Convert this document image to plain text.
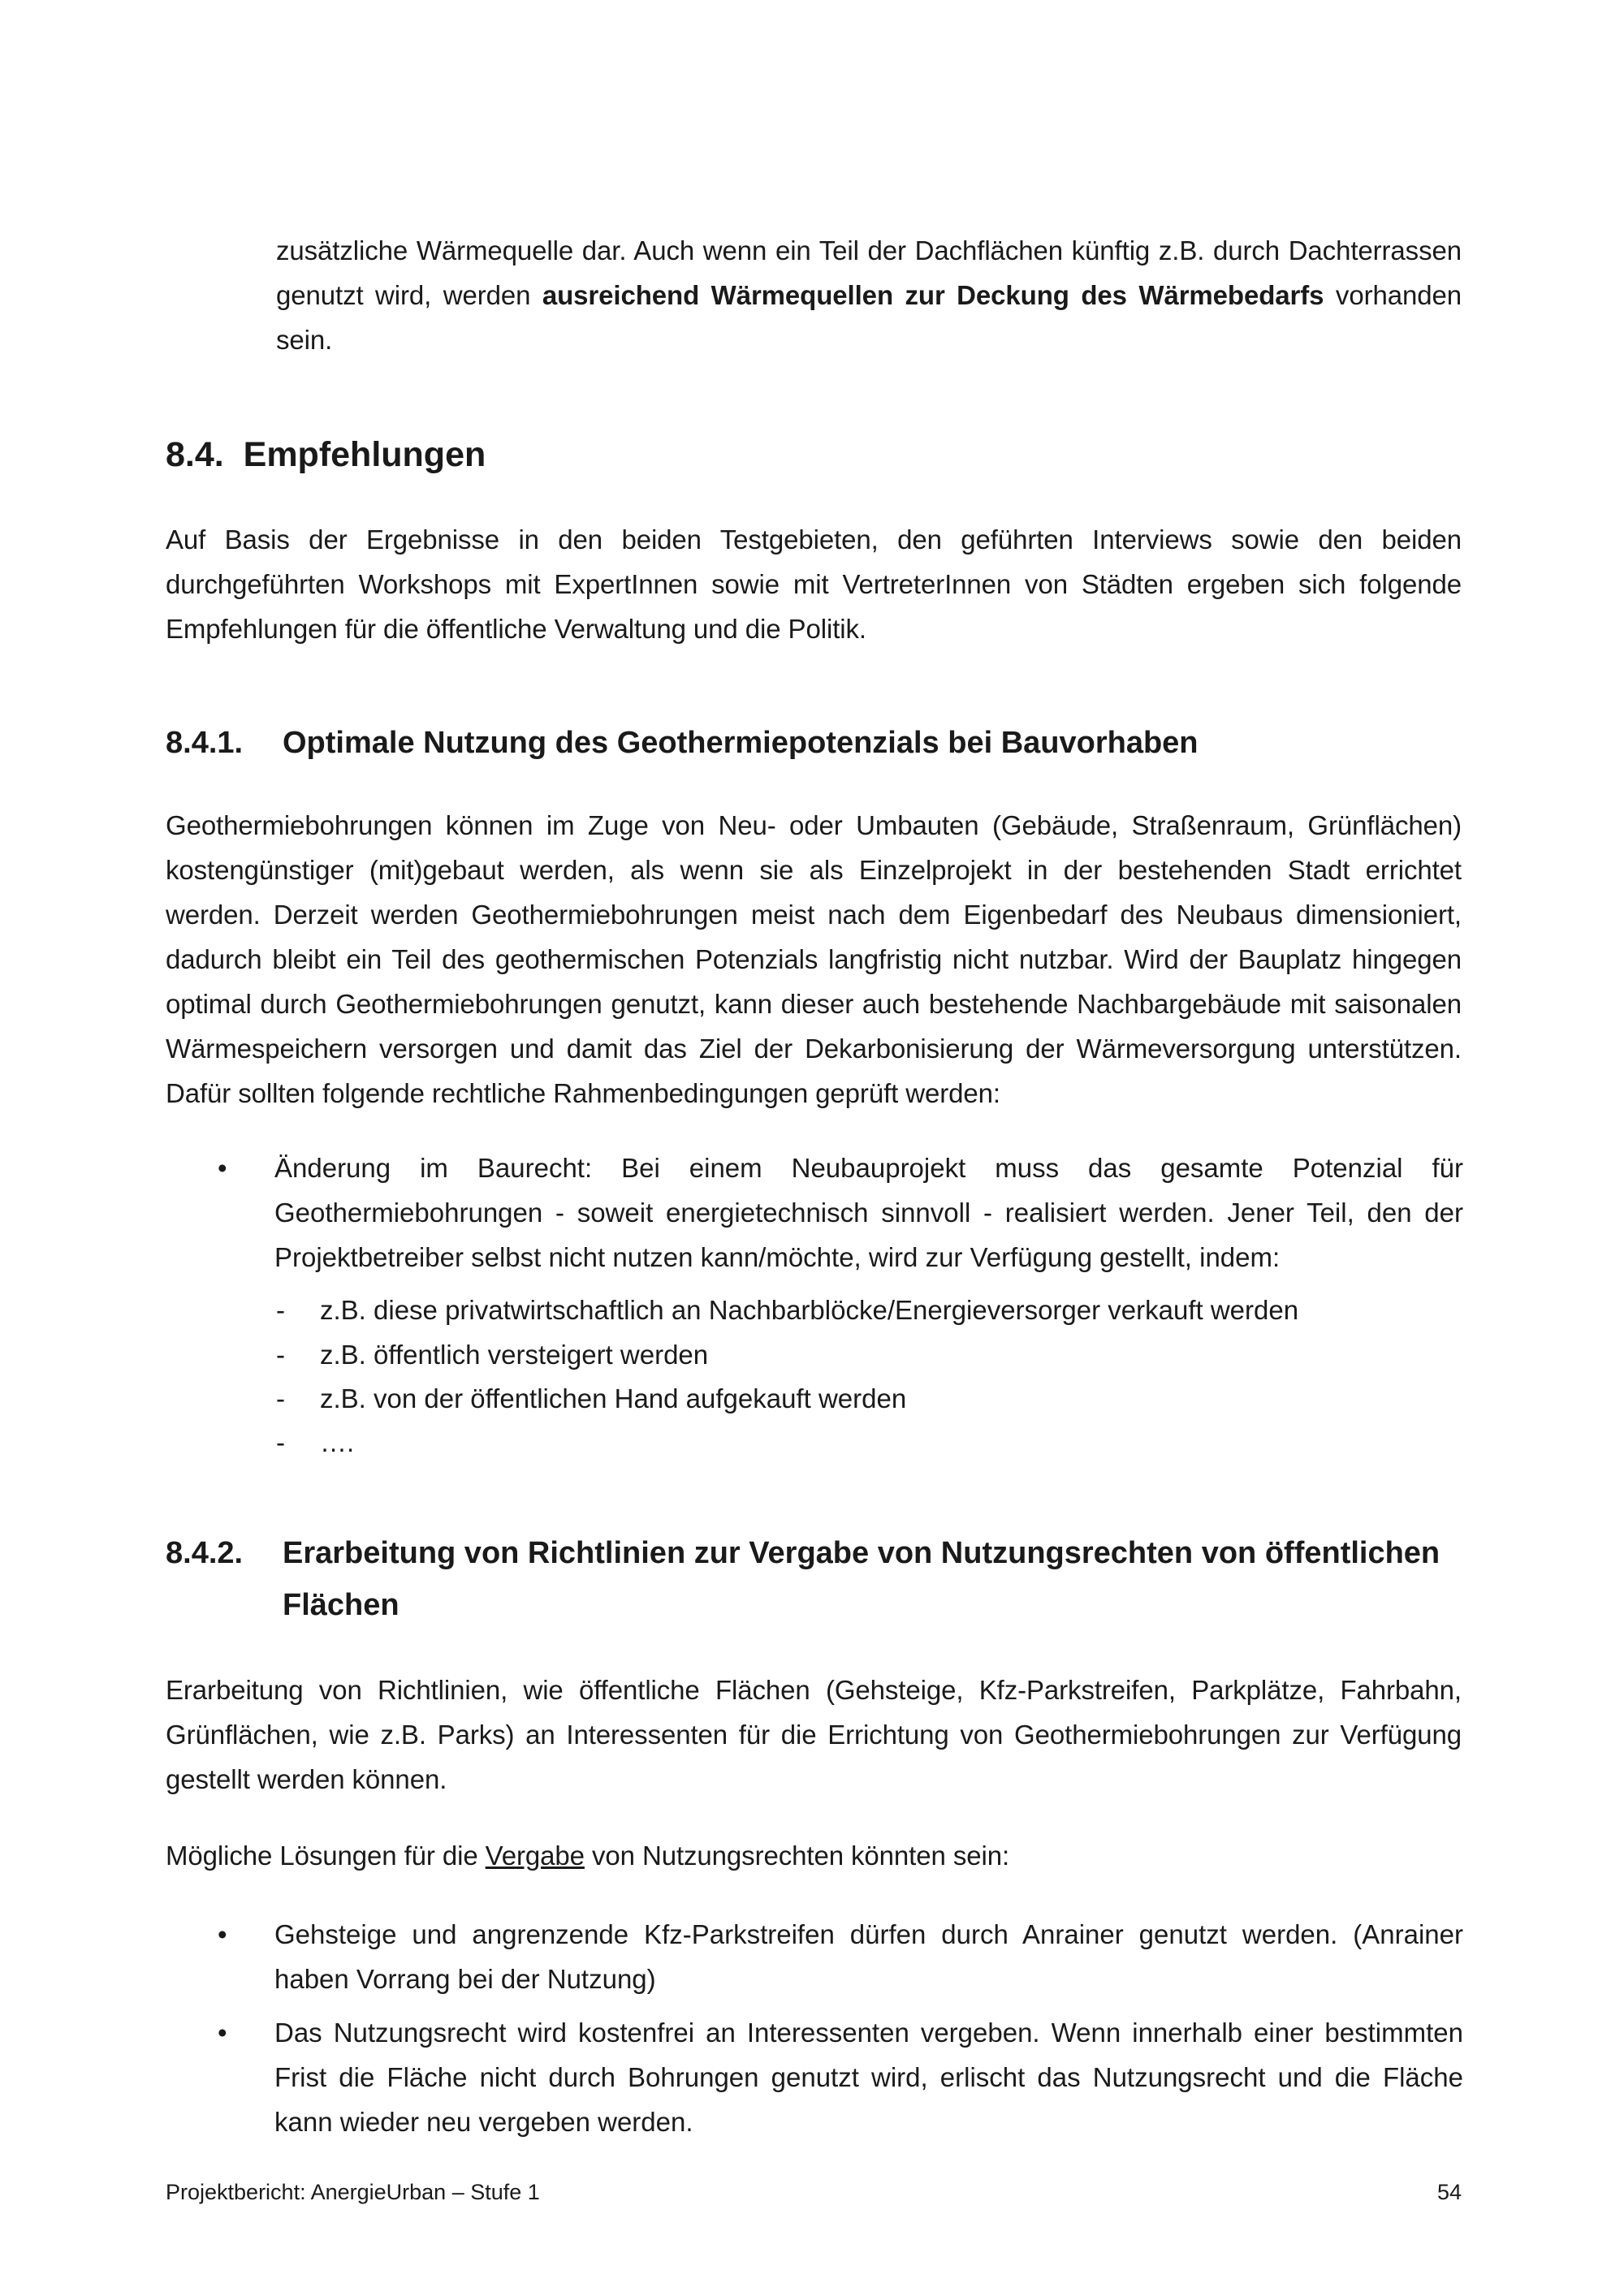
zusätzliche Wärmequelle dar. Auch wenn ein Teil der Dachflächen künftig z.B. durch Dachterrassen genutzt wird, werden ausreichend Wärmequellen zur Deckung des Wärmebedarfs vorhanden sein.
8.4. Empfehlungen
Auf Basis der Ergebnisse in den beiden Testgebieten, den geführten Interviews sowie den beiden durchgeführten Workshops mit ExpertInnen sowie mit VertreterInnen von Städten ergeben sich folgende Empfehlungen für die öffentliche Verwaltung und die Politik.
8.4.1. Optimale Nutzung des Geothermiepotenzials bei Bauvorhaben
Geothermiebohrungen können im Zuge von Neu- oder Umbauten (Gebäude, Straßenraum, Grünflächen) kostengünstiger (mit)gebaut werden, als wenn sie als Einzelprojekt in der bestehenden Stadt errichtet werden. Derzeit werden Geothermiebohrungen meist nach dem Eigenbedarf des Neubaus dimensioniert, dadurch bleibt ein Teil des geothermischen Potenzials langfristig nicht nutzbar. Wird der Bauplatz hingegen optimal durch Geothermiebohrungen genutzt, kann dieser auch bestehende Nachbargebäude mit saisonalen Wärmespeichern versorgen und damit das Ziel der Dekarbonisierung der Wärmeversorgung unterstützen. Dafür sollten folgende rechtliche Rahmenbedingungen geprüft werden:
• Änderung im Baurecht: Bei einem Neubauprojekt muss das gesamte Potenzial für Geothermiebohrungen - soweit energietechnisch sinnvoll - realisiert werden. Jener Teil, den der Projektbetreiber selbst nicht nutzen kann/möchte, wird zur Verfügung gestellt, indem:
- z.B. diese privatwirtschaftlich an Nachbarblöcke/Energieversorger verkauft werden
- z.B. öffentlich versteigert werden
- z.B. von der öffentlichen Hand aufgekauft werden
- ….
8.4.2. Erarbeitung von Richtlinien zur Vergabe von Nutzungsrechten von öffentlichen Flächen
Erarbeitung von Richtlinien, wie öffentliche Flächen (Gehsteige, Kfz-Parkstreifen, Parkplätze, Fahrbahn, Grünflächen, wie z.B. Parks) an Interessenten für die Errichtung von Geothermiebohrungen zur Verfügung gestellt werden können.
Mögliche Lösungen für die Vergabe von Nutzungsrechten könnten sein:
• Gehsteige und angrenzende Kfz-Parkstreifen dürfen durch Anrainer genutzt werden. (Anrainer haben Vorrang bei der Nutzung)
• Das Nutzungsrecht wird kostenfrei an Interessenten vergeben. Wenn innerhalb einer bestimmten Frist die Fläche nicht durch Bohrungen genutzt wird, erlischt das Nutzungsrecht und die Fläche kann wieder neu vergeben werden.
Projektbericht: AnergieUrban – Stufe 1	54
